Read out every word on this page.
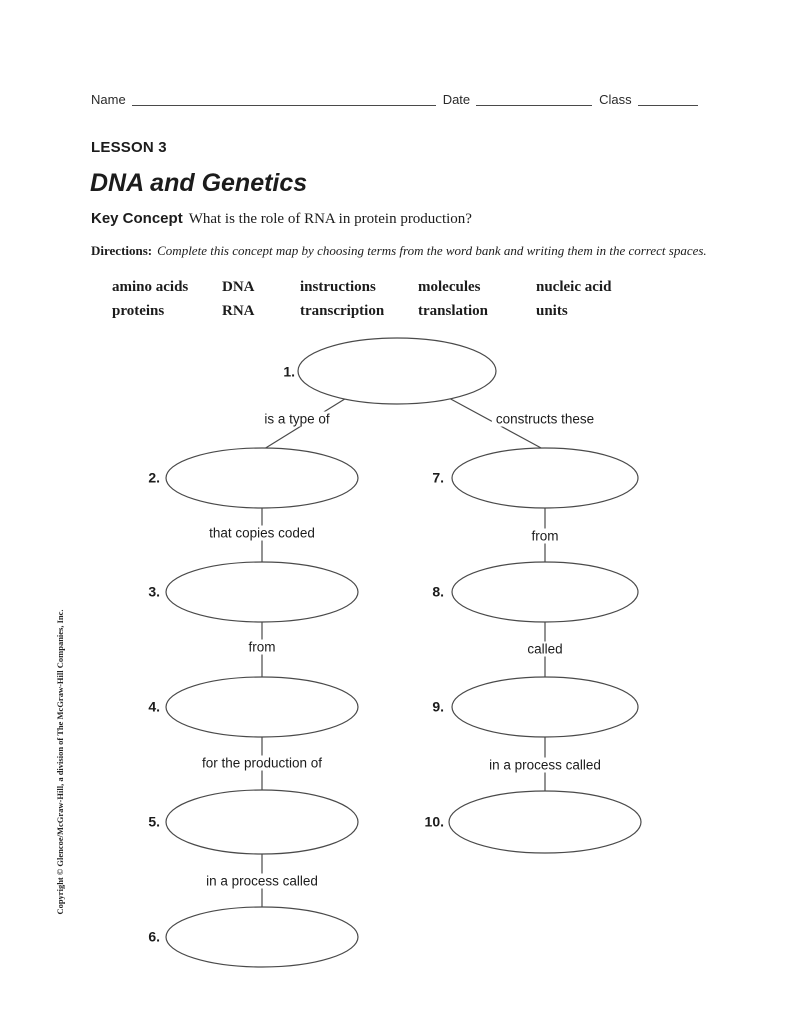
Name	Date	Class
LESSON 3
DNA and Genetics
Key Concept What is the role of RNA in protein production?
Directions: Complete this concept map by choosing terms from the word bank and writing them in the correct spaces.
amino acids	DNA	instructions	molecules	nucleic acid
proteins	RNA	transcription	translation	units
1.
2.
3.
4.
5.
6.
7.
8.
9.
10.
is a type of	constructs these
that copies coded	from
from	called
for the production of	in a process called
in a process called
Copyright © Glencoe/McGraw-Hill, a division of The McGraw-Hill Companies, Inc.
